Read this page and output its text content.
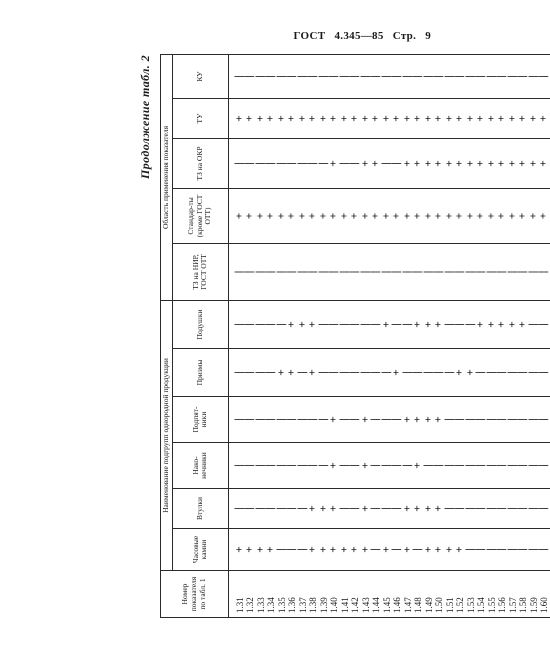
ГОСТ 4.345—85 Стр. 9
Продолжение табл. 2
Номер показателя по табл. 1	Наименование подгрупп однородной продукции						Область применения показателя				
	Часовые камни	Втулки	Нако-нечники	Подпят-ники	Призмы	Подушки	ТЗ на НИР, ГОСТ ОТТ	Стандар-ты (кроме ГОСТ ОТТ)	ТЗ на ОКР	ТУ	КУ
1.31	+	|	|	|	|	|	|	+	|	+	|
1.32	+	|	|	|	|	|	|	+	|	+	|
1.33	+	|	|	|	|	|	|	+	|	+	|
1.34	+	|	|	|	|	|	|	+	|	+	|
1.35	|	|	|	|	+	|	|	+	|	+	|
1.36	|	|	|	|	+	+	|	+	|	+	|
1.37	|	|	|	|	|	+	|	+	|	+	|
1.38	+	+	|	|	+	+	|	+	|	+	|
1.39	+	+	|	|	|	|	|	+	|	+	|
1.40	+	+	+	+	|	|	|	+	+	+	|
1.41	+	|	|	|	|	|	|	+	|	+	|
1.42	+	|	|	|	|	|	|	+	|	+	|
1.43	+	+	+	+	|	|	|	+	+	+	|
1.44	|	|	|	|	|	|	|	+	+	+	|
1.45	+	|	|	|	|	+	|	+	|	+	|
1.46	|	|	|	|	+	|	|	+	|	+	|
1.47	+	+	|	+	|	|	|	+	+	+	|
1.48	|	+	+	+	|	+	|	+	+	+	|
1.49	+	+	|	+	|	+	|	+	+	+	|
1.50	+	+	|	+	|	+	|	+	+	+	|
1.51	+	|	|	|	|	|	|	+	+	+	|
1.52	+	|	|	|	+	|	|	+	+	+	|
1.53	|	|	|	|	+	|	|	+	+	+	|
1.54	|	|	|	|	|	+	|	+	+	+	|
1.55	|	|	|	|	|	+	|	+	+	+	|
1.56	|	|	|	|	|	+	|	+	+	+	|
1.57	|	|	|	|	|	+	|	+	+	+	|
1.58	|	|	|	|	|	+	|	+	+	+	|
1.59	|	|	|	|	|	|	|	+	+	+	|
1.60	|	|	|	|	|	|	|	+	+	+	|
